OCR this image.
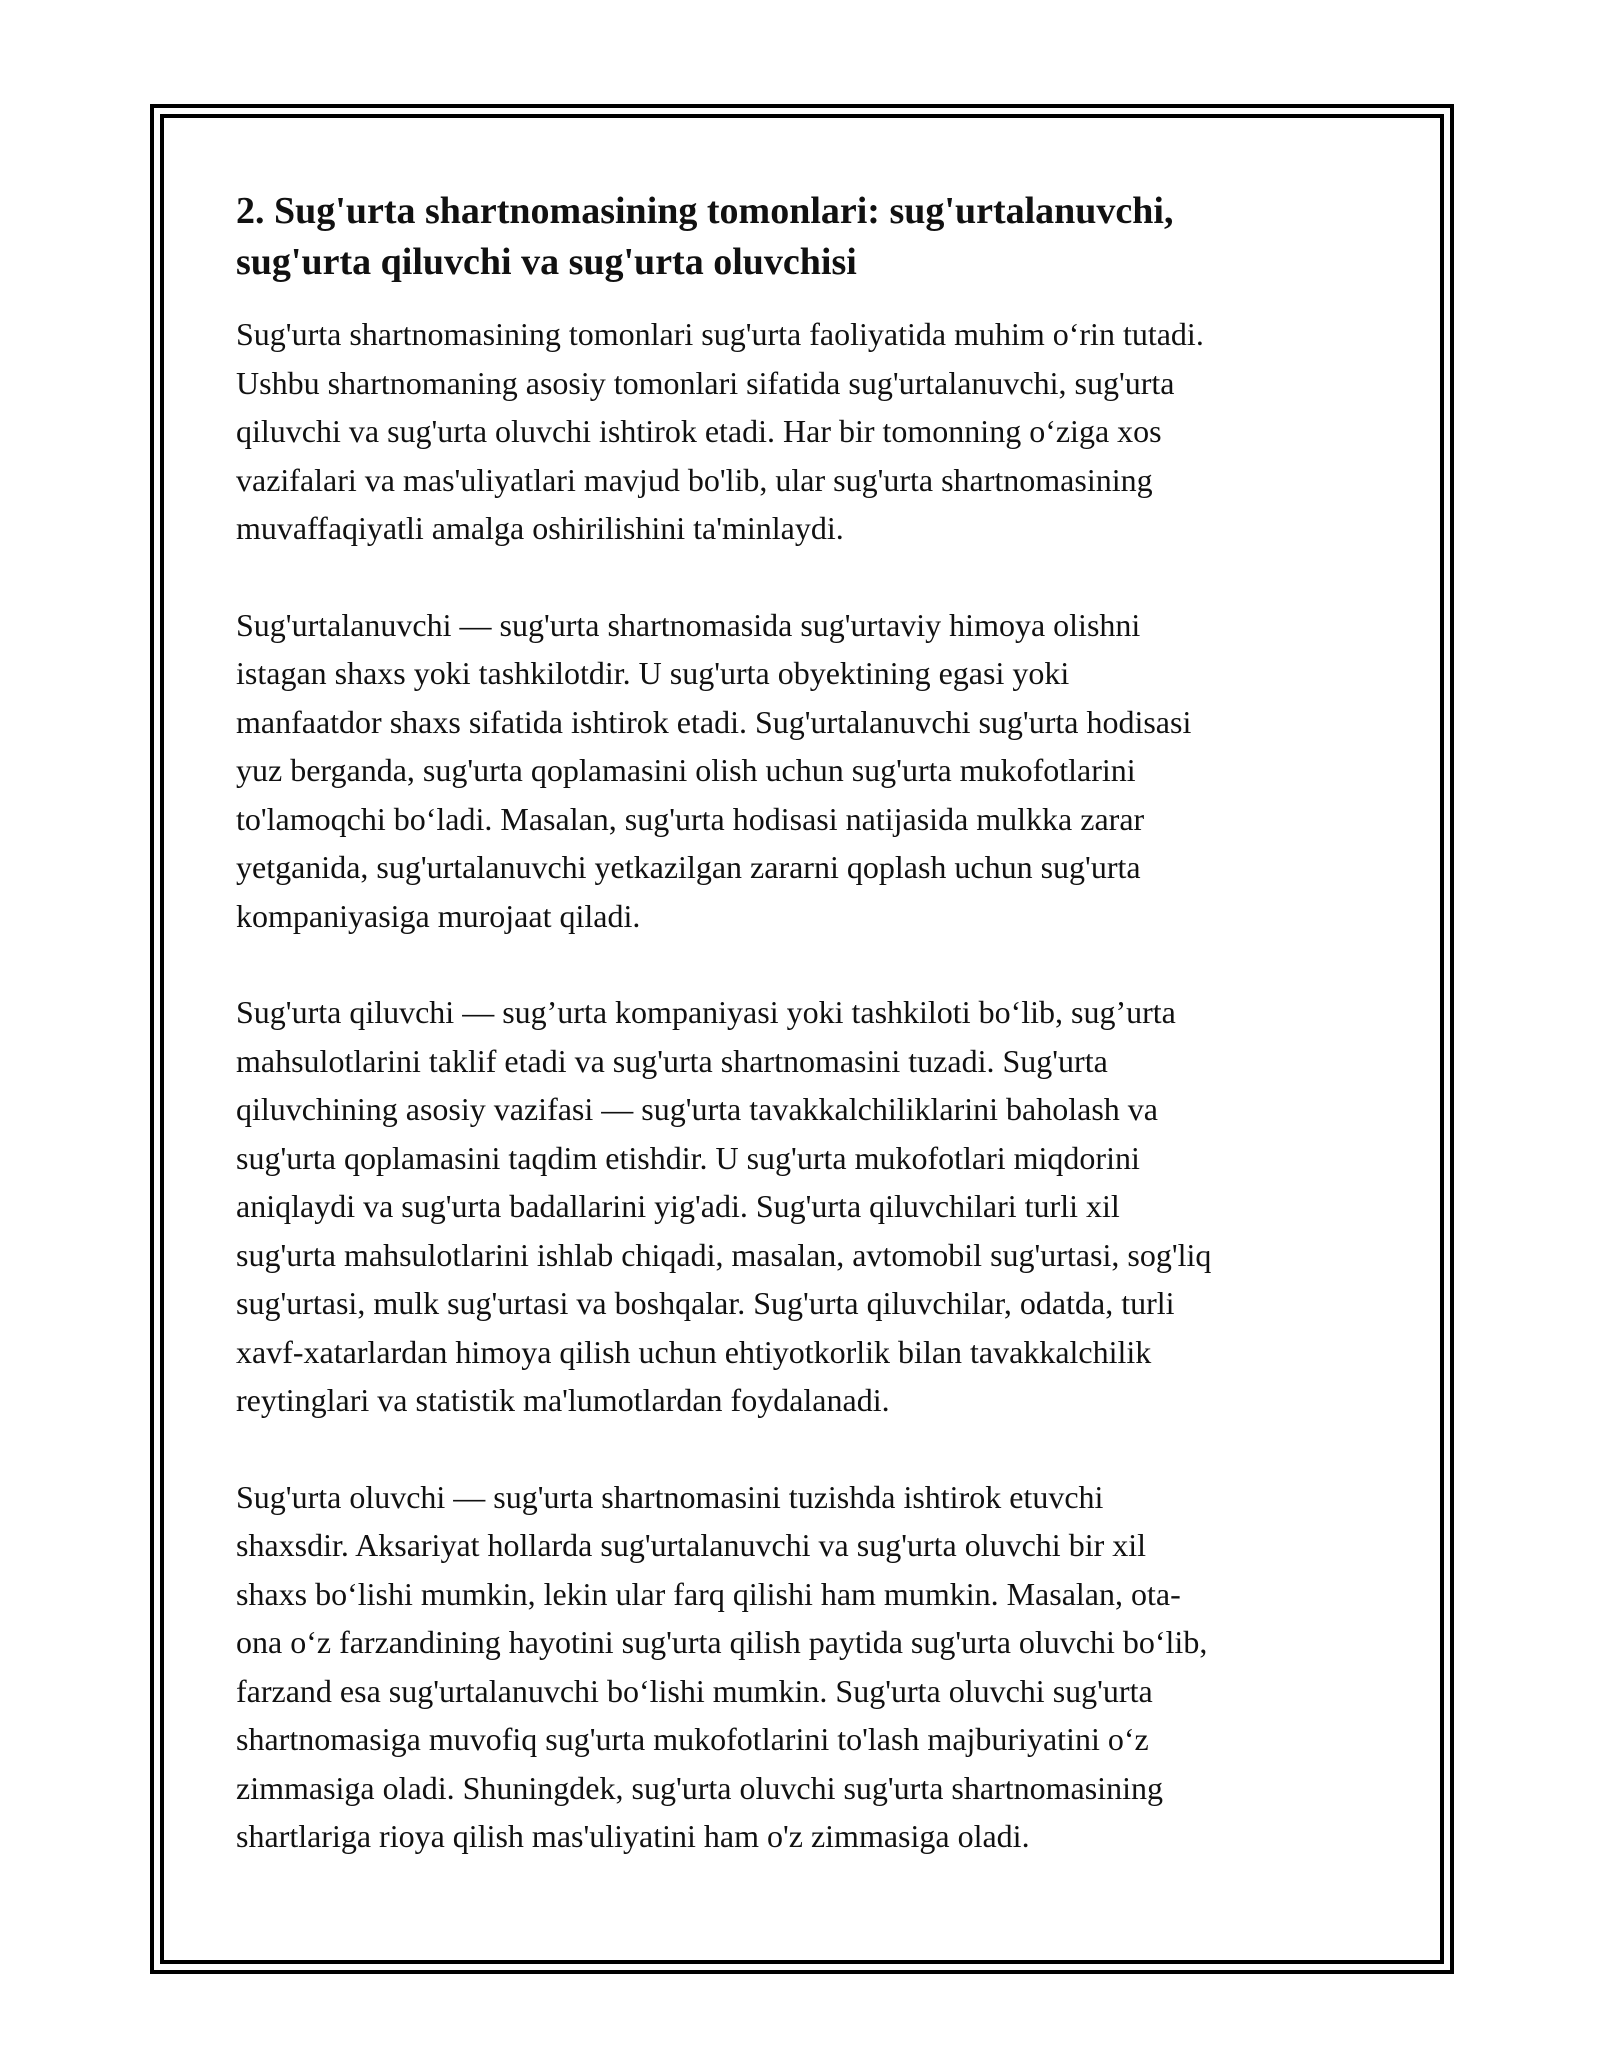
2. Sug'urta shartnomasining tomonlari: sug'urtalanuvchi,
sug'urta qiluvchi va sug'urta oluvchisi

Sug'urta shartnomasining tomonlari sug'urta faoliyatida muhim o‘rin tutadi.
Ushbu shartnomaning asosiy tomonlari sifatida sug'urtalanuvchi, sug'urta
qiluvchi va sug'urta oluvchi ishtirok etadi. Har bir tomonning o‘ziga xos
vazifalari va mas'uliyatlari mavjud bo'lib, ular sug'urta shartnomasining
muvaffaqiyatli amalga oshirilishini ta'minlaydi.

Sug'urtalanuvchi — sug'urta shartnomasida sug'urtaviy himoya olishni
istagan shaxs yoki tashkilotdir. U sug'urta obyektining egasi yoki
manfaatdor shaxs sifatida ishtirok etadi. Sug'urtalanuvchi sug'urta hodisasi
yuz berganda, sug'urta qoplamasini olish uchun sug'urta mukofotlarini
to'lamoqchi bo‘ladi. Masalan, sug'urta hodisasi natijasida mulkka zarar
yetganida, sug'urtalanuvchi yetkazilgan zararni qoplash uchun sug'urta
kompaniyasiga murojaat qiladi.

Sug'urta qiluvchi — sug’urta kompaniyasi yoki tashkiloti bo‘lib, sug’urta
mahsulotlarini taklif etadi va sug'urta shartnomasini tuzadi. Sug'urta
qiluvchining asosiy vazifasi — sug'urta tavakkalchiliklarini baholash va
sug'urta qoplamasini taqdim etishdir. U sug'urta mukofotlari miqdorini
aniqlaydi va sug'urta badallarini yig'adi. Sug'urta qiluvchilari turli xil
sug'urta mahsulotlarini ishlab chiqadi, masalan, avtomobil sug'urtasi, sog'liq
sug'urtasi, mulk sug'urtasi va boshqalar. Sug'urta qiluvchilar, odatda, turli
xavf-xatarlardan himoya qilish uchun ehtiyotkorlik bilan tavakkalchilik
reytinglari va statistik ma'lumotlardan foydalanadi.

Sug'urta oluvchi — sug'urta shartnomasini tuzishda ishtirok etuvchi
shaxsdir. Aksariyat hollarda sug'urtalanuvchi va sug'urta oluvchi bir xil
shaxs bo‘lishi mumkin, lekin ular farq qilishi ham mumkin. Masalan, ota-
ona o‘z farzandining hayotini sug'urta qilish paytida sug'urta oluvchi bo‘lib,
farzand esa sug'urtalanuvchi bo‘lishi mumkin. Sug'urta oluvchi sug'urta
shartnomasiga muvofiq sug'urta mukofotlarini to'lash majburiyatini o‘z
zimmasiga oladi. Shuningdek, sug'urta oluvchi sug'urta shartnomasining
shartlariga rioya qilish mas'uliyatini ham o'z zimmasiga oladi.
